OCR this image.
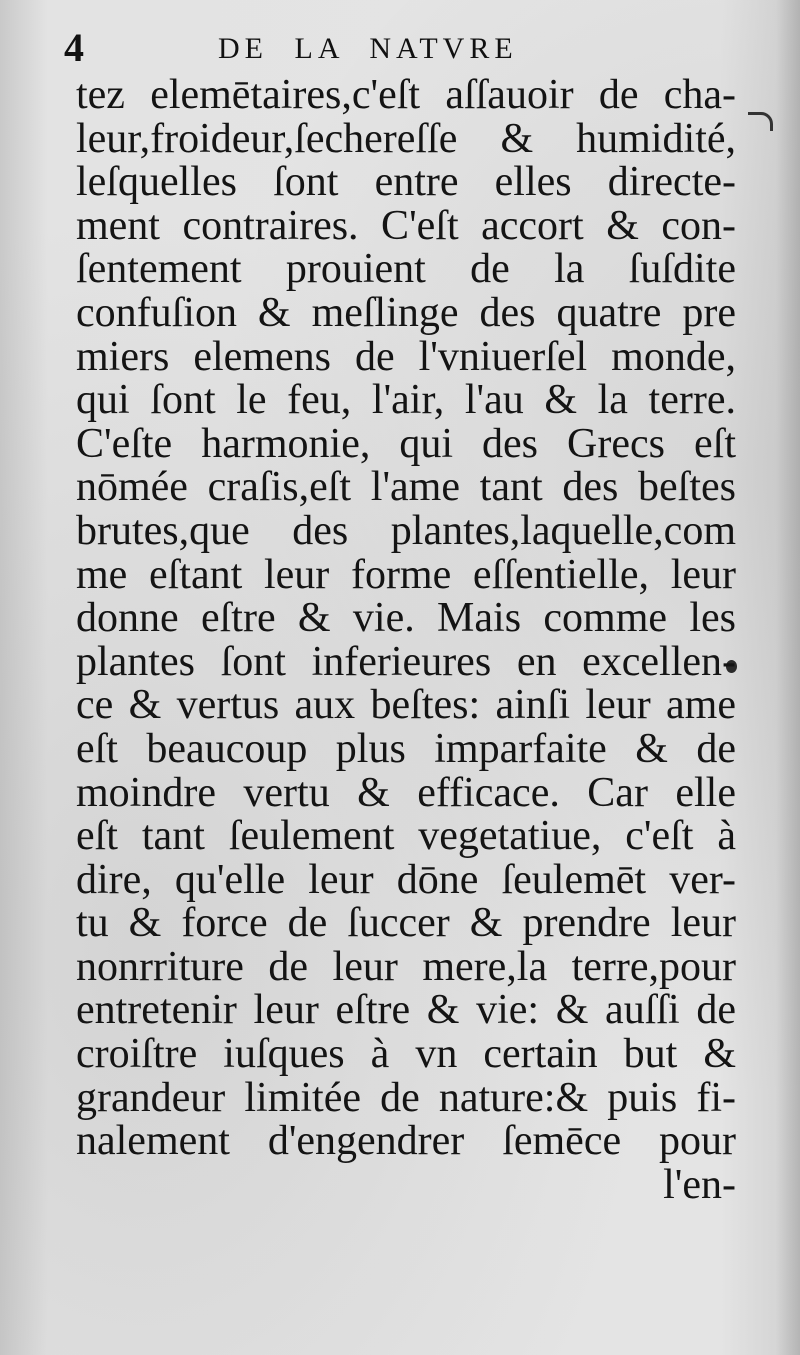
4	DE LA NATVRE
tez elemētaires,c'eſt aſſauoir de cha-
leur,froideur,ſechereſſe & humidité,
leſquelles ſont entre elles directe-
ment contraires. C'eſt accort & con-
ſentement prouient de la ſuſdite
confuſion & meſlinge des quatre pre
miers elemens de l'vniuerſel monde,
qui ſont le feu, l'air, l'au & la terre.
C'eſte harmonie, qui des Grecs eſt
nōmée craſis,eſt l'ame tant des beſtes
brutes,que des plantes,laquelle,com
me eſtant leur forme eſſentielle, leur
donne eſtre & vie. Mais comme les
plantes ſont inferieures en excellen-
ce & vertus aux beſtes: ainſi leur ame
eſt beaucoup plus imparfaite & de
moindre vertu & efficace. Car elle
eſt tant ſeulement vegetatiue, c'eſt à
dire, qu'elle leur dōne ſeulemēt ver-
tu & force de ſuccer & prendre leur
nonrriture de leur mere,la terre,pour
entretenir leur eſtre & vie: & auſſi de
croiſtre iuſques à vn certain but &
grandeur limitée de nature:& puis fi-
nalement d'engendrer ſemēce pour
l'en-
